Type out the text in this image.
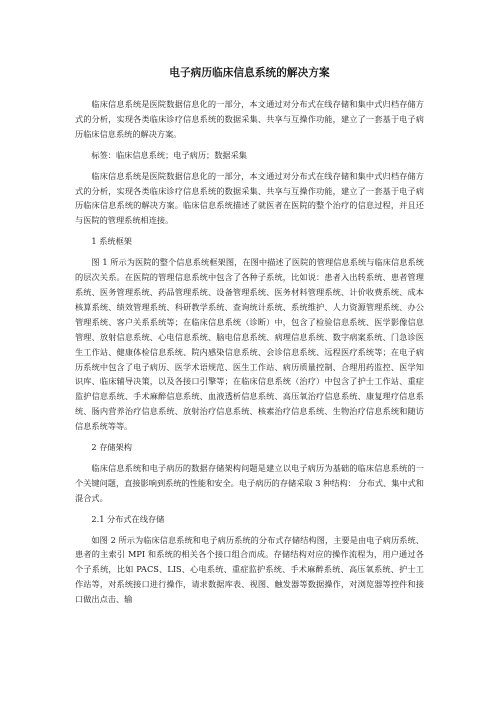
电子病历临床信息系统的解决方案

临床信息系统是医院数据信息化的一部分，本文通过对分布式在线存储和集中式归档存储方式的分析，实现各类临床诊疗信息系统的数据采集、共享与互操作功能，建立了一套基于电子病历临床信息系统的解决方案。

标签：临床信息系统；电子病历；数据采集

临床信息系统是医院数据信息化的一部分，本文通过对分布式在线存储和集中式归档存储方式的分析，实现各类临床诊疗信息系统的数据采集、共享与互操作功能，建立了一套基于电子病历临床信息系统的解决方案。临床信息系统描述了就医者在医院的整个治疗的信息过程，并且还与医院的管理系统相连接。

1 系统框架

图 1 所示为医院的整个信息系统框架图，在图中描述了医院的管理信息系统与临床信息系统的层次关系。在医院的管理信息系统中包含了各种子系统，比如说：患者入出转系统、患者管理系统、医务管理系统、药品管理系统、设备管理系统、医务材料管理系统、计价收费系统、成本核算系统、绩效管理系统、科研教学系统、查询统计系统、系统维护、人力资源管理系统、办公管理系统、客户关系系统等；在临床信息系统（诊断）中，包含了检验信息系统、医学影像信息管理、放射信息系统、心电信息系统、脑电信息系统、病理信息系统、数字病案系统、门急诊医生工作站、健康体检信息系统、院内感染信息系统、会诊信息系统、远程医疗系统等；在电子病历系统中包含了电子病历、医学术语规范、医生工作站、病历质量控制、合理用药监控、医学知识库、临床辅导决策，以及各接口引擎等；在临床信息系统（治疗）中包含了护士工作站、重症监护信息系统、手术麻醉信息系统、血液透析信息系统、高压氧治疗信息系统、康复理疗信息系统、肠内营养治疗信息系统、放射治疗信息系统、核素治疗信息系统、生物治疗信息系统和随访信息系统等等。

2 存储架构

临床信息系统和电子病历的数据存储架构问题是建立以电子病历为基础的临床信息系统的一个关键问题，直接影响到系统的性能和安全。电子病历的存储采取 3 种结构： 分布式、集中式和混合式。

2.1 分布式在线存储

如图 2 所示为临床信息系统和电子病历系统的分布式存储结构图，主要是由电子病历系统、患者的主索引 MPI 和系统的相关各个接口组合而成。存储结构对应的操作流程为，用户通过各个子系统，比如 PACS、LIS、心电系统、重症监护系统、手术麻醉系统、高压氧系统、护士工作站等，对系统接口进行操作，请求数据库表、视图、触发器等数据操作，对浏览器等控件和接口做出点击、输
